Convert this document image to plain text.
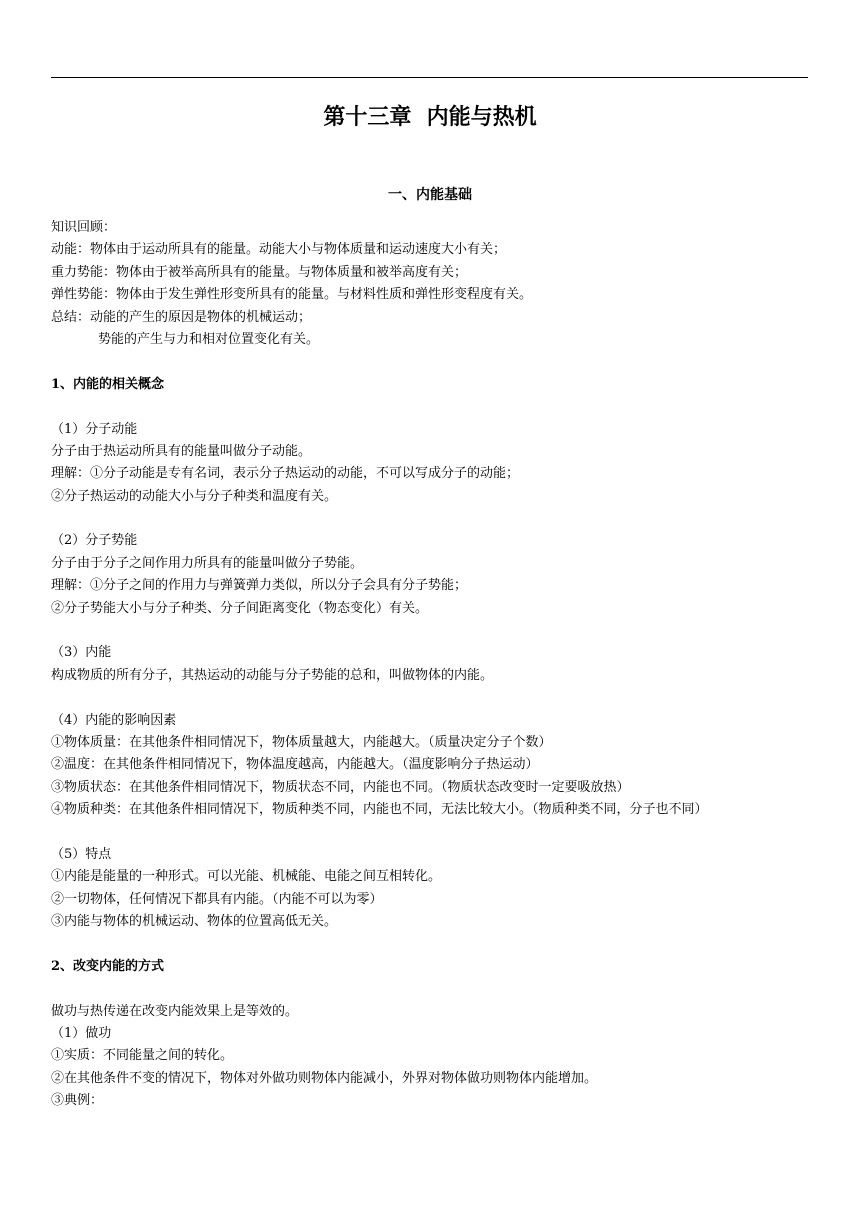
第十三章  内能与热机
一、内能基础
知识回顾：
动能：物体由于运动所具有的能量。动能大小与物体质量和运动速度大小有关；
重力势能：物体由于被举高所具有的能量。与物体质量和被举高度有关；
弹性势能：物体由于发生弹性形变所具有的能量。与材料性质和弹性形变程度有关。
总结：动能的产生的原因是物体的机械运动；
势能的产生与力和相对位置变化有关。
1、内能的相关概念
（1）分子动能
分子由于热运动所具有的能量叫做分子动能。
理解：①分子动能是专有名词，表示分子热运动的动能，不可以写成分子的动能；
②分子热运动的动能大小与分子种类和温度有关。
（2）分子势能
分子由于分子之间作用力所具有的能量叫做分子势能。
理解：①分子之间的作用力与弹簧弹力类似，所以分子会具有分子势能；
②分子势能大小与分子种类、分子间距离变化（物态变化）有关。
（3）内能
构成物质的所有分子，其热运动的动能与分子势能的总和，叫做物体的内能。
（4）内能的影响因素
①物体质量：在其他条件相同情况下，物体质量越大，内能越大。（质量决定分子个数）
②温度：在其他条件相同情况下，物体温度越高，内能越大。（温度影响分子热运动）
③物质状态：在其他条件相同情况下，物质状态不同，内能也不同。（物质状态改变时一定要吸放热）
④物质种类：在其他条件相同情况下，物质种类不同，内能也不同，无法比较大小。（物质种类不同，分子也不同）
（5）特点
①内能是能量的一种形式。可以光能、机械能、电能之间互相转化。
②一切物体，任何情况下都具有内能。（内能不可以为零）
③内能与物体的机械运动、物体的位置高低无关。
2、改变内能的方式
做功与热传递在改变内能效果上是等效的。
（1）做功
①实质：不同能量之间的转化。
②在其他条件不变的情况下，物体对外做功则物体内能减小，外界对物体做功则物体内能增加。
③典例：
